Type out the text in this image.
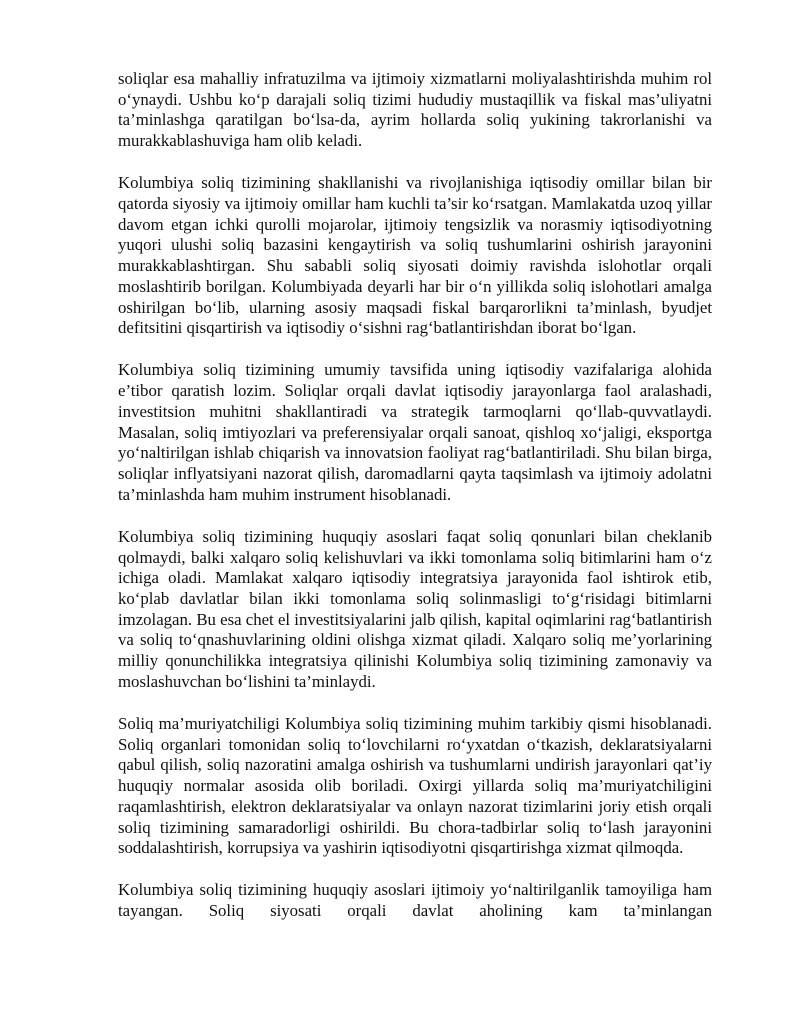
soliqlar esa mahalliy infratuzilma va ijtimoiy xizmatlarni moliyalashtirishda muhim rol o‘ynaydi. Ushbu ko‘p darajali soliq tizimi hududiy mustaqillik va fiskal mas’uliyatni ta’minlashga qaratilgan bo‘lsa-da, ayrim hollarda soliq yukining takrorlanishi va murakkablashuviga ham olib keladi.

Kolumbiya soliq tizimining shakllanishi va rivojlanishiga iqtisodiy omillar bilan bir qatorda siyosiy va ijtimoiy omillar ham kuchli ta’sir ko‘rsatgan. Mamlakatda uzoq yillar davom etgan ichki qurolli mojarolar, ijtimoiy tengsizlik va norasmiy iqtisodiyotning yuqori ulushi soliq bazasini kengaytirish va soliq tushumlarini oshirish jarayonini murakkablashtirgan. Shu sababli soliq siyosati doimiy ravishda islohotlar orqali moslashtirib borilgan. Kolumbiyada deyarli har bir o‘n yillikda soliq islohotlari amalga oshirilgan bo‘lib, ularning asosiy maqsadi fiskal barqarorlikni ta’minlash, byudjet defitsitini qisqartirish va iqtisodiy o‘sishni rag‘batlantirishdan iborat bo‘lgan.

Kolumbiya soliq tizimining umumiy tavsifida uning iqtisodiy vazifalariga alohida e’tibor qaratish lozim. Soliqlar orqali davlat iqtisodiy jarayonlarga faol aralashadi, investitsion muhitni shakllantiradi va strategik tarmoqlarni qo‘llab-quvvatlaydi. Masalan, soliq imtiyozlari va preferensiyalar orqali sanoat, qishloq xo‘jaligi, eksportga yo‘naltirilgan ishlab chiqarish va innovatsion faoliyat rag‘batlantiriladi. Shu bilan birga, soliqlar inflyatsiyani nazorat qilish, daromadlarni qayta taqsimlash va ijtimoiy adolatni ta’minlashda ham muhim instrument hisoblanadi.

Kolumbiya soliq tizimining huquqiy asoslari faqat soliq qonunlari bilan cheklanib qolmaydi, balki xalqaro soliq kelishuvlari va ikki tomonlama soliq bitimlarini ham o‘z ichiga oladi. Mamlakat xalqaro iqtisodiy integratsiya jarayonida faol ishtirok etib, ko‘plab davlatlar bilan ikki tomonlama soliq solinmasligi to‘g‘risidagi bitimlarni imzolagan. Bu esa chet el investitsiyalarini jalb qilish, kapital oqimlarini rag‘batlantirish va soliq to‘qnashuvlarining oldini olishga xizmat qiladi. Xalqaro soliq me’yorlarining milliy qonunchilikka integratsiya qilinishi Kolumbiya soliq tizimining zamonaviy va moslashuvchan bo‘lishini ta’minlaydi.

Soliq ma’muriyatchiligi Kolumbiya soliq tizimining muhim tarkibiy qismi hisoblanadi. Soliq organlari tomonidan soliq to‘lovchilarni ro‘yxatdan o‘tkazish, deklaratsiyalarni qabul qilish, soliq nazoratini amalga oshirish va tushumlarni undirish jarayonlari qat’iy huquqiy normalar asosida olib boriladi. Oxirgi yillarda soliq ma’muriyatchiligini raqamlashtirish, elektron deklaratsiyalar va onlayn nazorat tizimlarini joriy etish orqali soliq tizimining samaradorligi oshirildi. Bu chora-tadbirlar soliq to‘lash jarayonini soddalashtirish, korrupsiya va yashirin iqtisodiyotni qisqartirishga xizmat qilmoqda.

Kolumbiya soliq tizimining huquqiy asoslari ijtimoiy yo‘naltirilganlik tamoyiliga ham tayangan. Soliq siyosati orqali davlat aholining kam ta’minlangan
